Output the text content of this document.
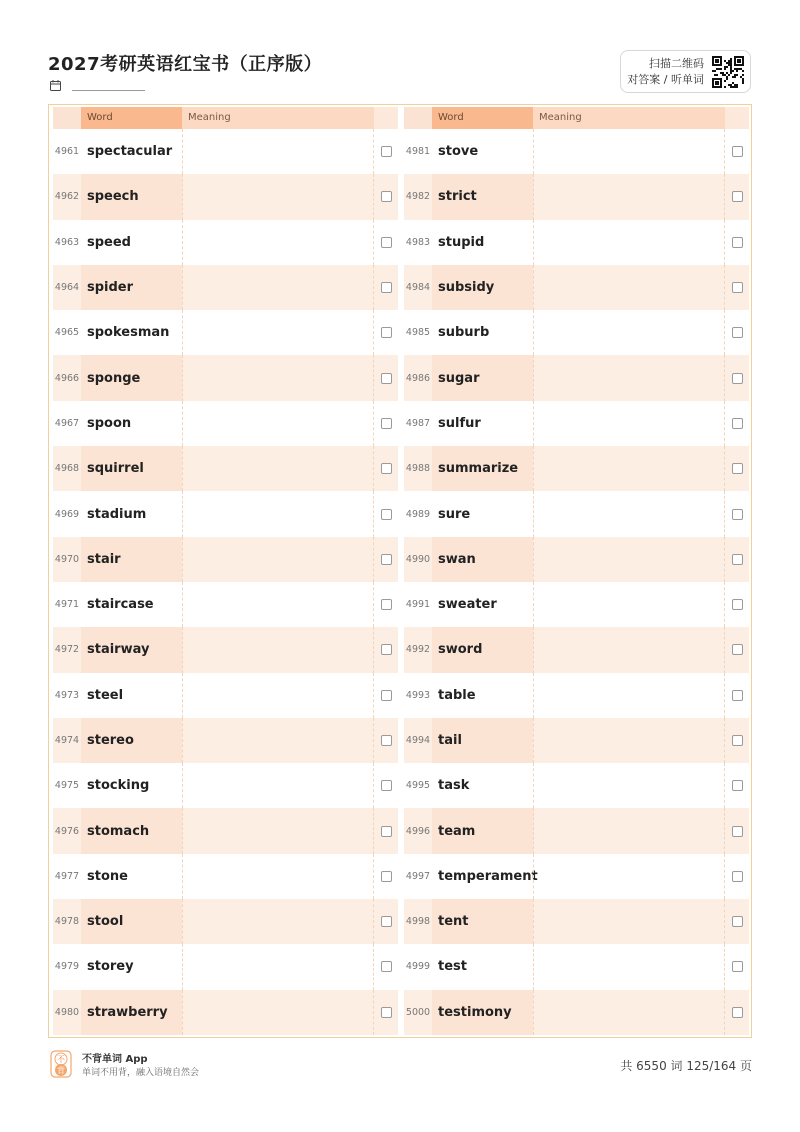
2027考研英语红宝书（正序版）	扫描二维码
对答案 / 听单词
Word	Meaning
4961 spectacular
4962 speech
4963 speed
4964 spider
4965 spokesman
4966 sponge
4967 spoon
4968 squirrel
4969 stadium
4970 stair
4971 staircase
4972 stairway
4973 steel
4974 stereo
4975 stocking
4976 stomach
4977 stone
4978 stool
4979 storey
4980 strawberry
Word	Meaning
4981 stove
4982 strict
4983 stupid
4984 subsidy
4985 suburb
4986 sugar
4987 sulfur
4988 summarize
4989 sure
4990 swan
4991 sweater
4992 sword
4993 table
4994 tail
4995 task
4996 team
4997 temperament
4998 tent
4999 test
5000 testimony
不
背
不背单词 App
单词不用背，融入语境自然会	共 6550 词 125/164 页
